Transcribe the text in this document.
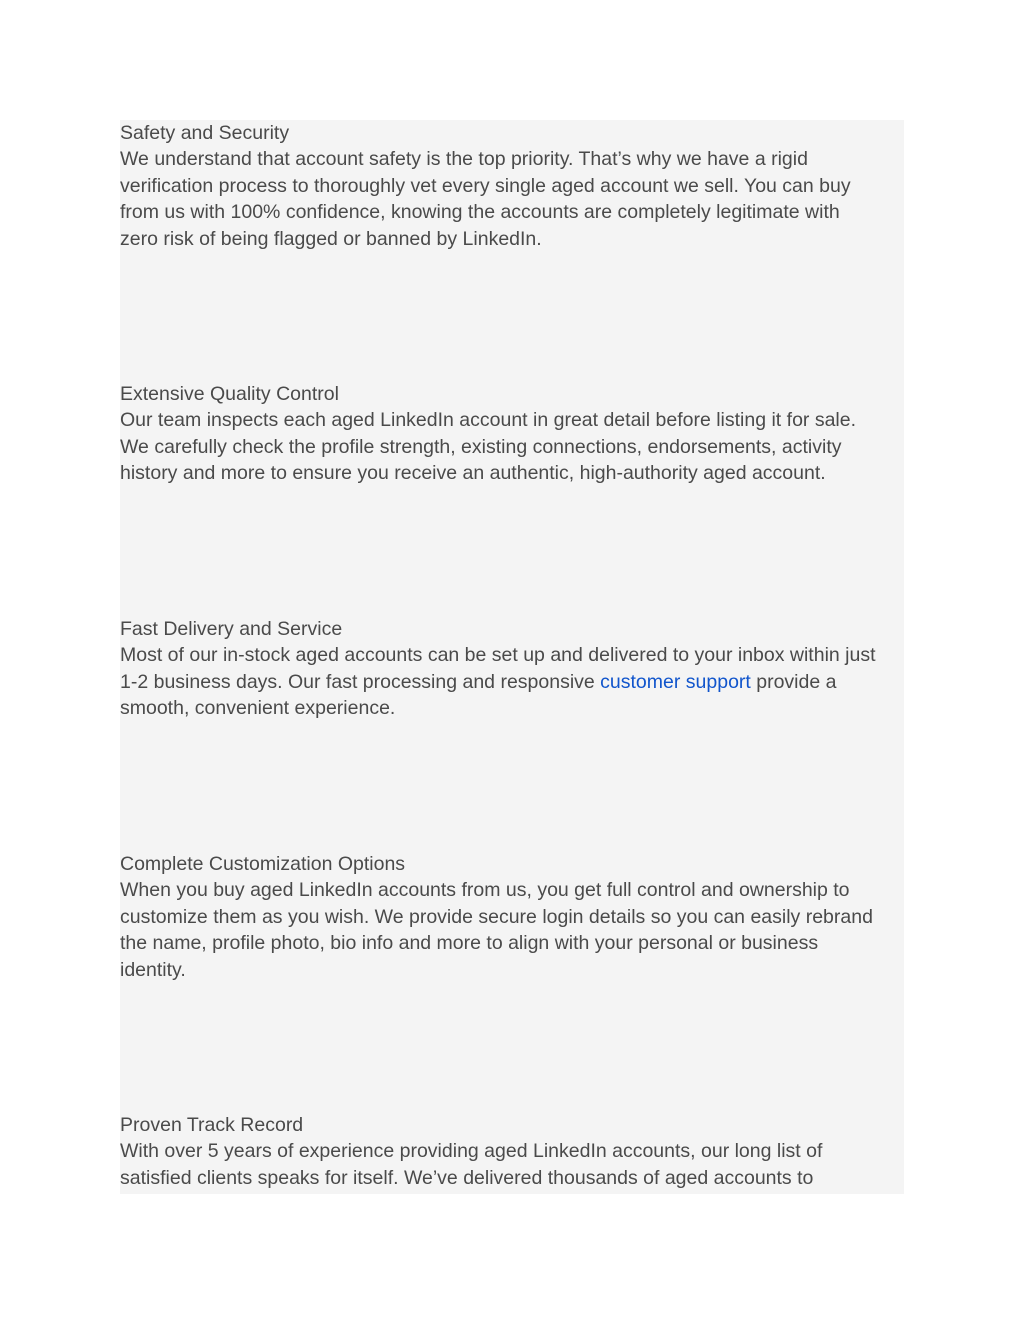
Safety and Security

We understand that account safety is the top priority. That’s why we have a rigid

verification process to thoroughly vet every single aged account we sell. You can buy

from us with 100% confidence, knowing the accounts are completely legitimate with

zero risk of being flagged or banned by LinkedIn.

Extensive Quality Control

Our team inspects each aged LinkedIn account in great detail before listing it for sale.

We carefully check the profile strength, existing connections, endorsements, activity

history and more to ensure you receive an authentic, high-authority aged account.

Fast Delivery and Service

Most of our in-stock aged accounts can be set up and delivered to your inbox within just

1-2 business days. Our fast processing and responsive customer support provide a

smooth, convenient experience.

Complete Customization Options

When you buy aged LinkedIn accounts from us, you get full control and ownership to

customize them as you wish. We provide secure login details so you can easily rebrand

the name, profile photo, bio info and more to align with your personal or business

identity.

Proven Track Record

With over 5 years of experience providing aged LinkedIn accounts, our long list of

satisfied clients speaks for itself. We’ve delivered thousands of aged accounts to
